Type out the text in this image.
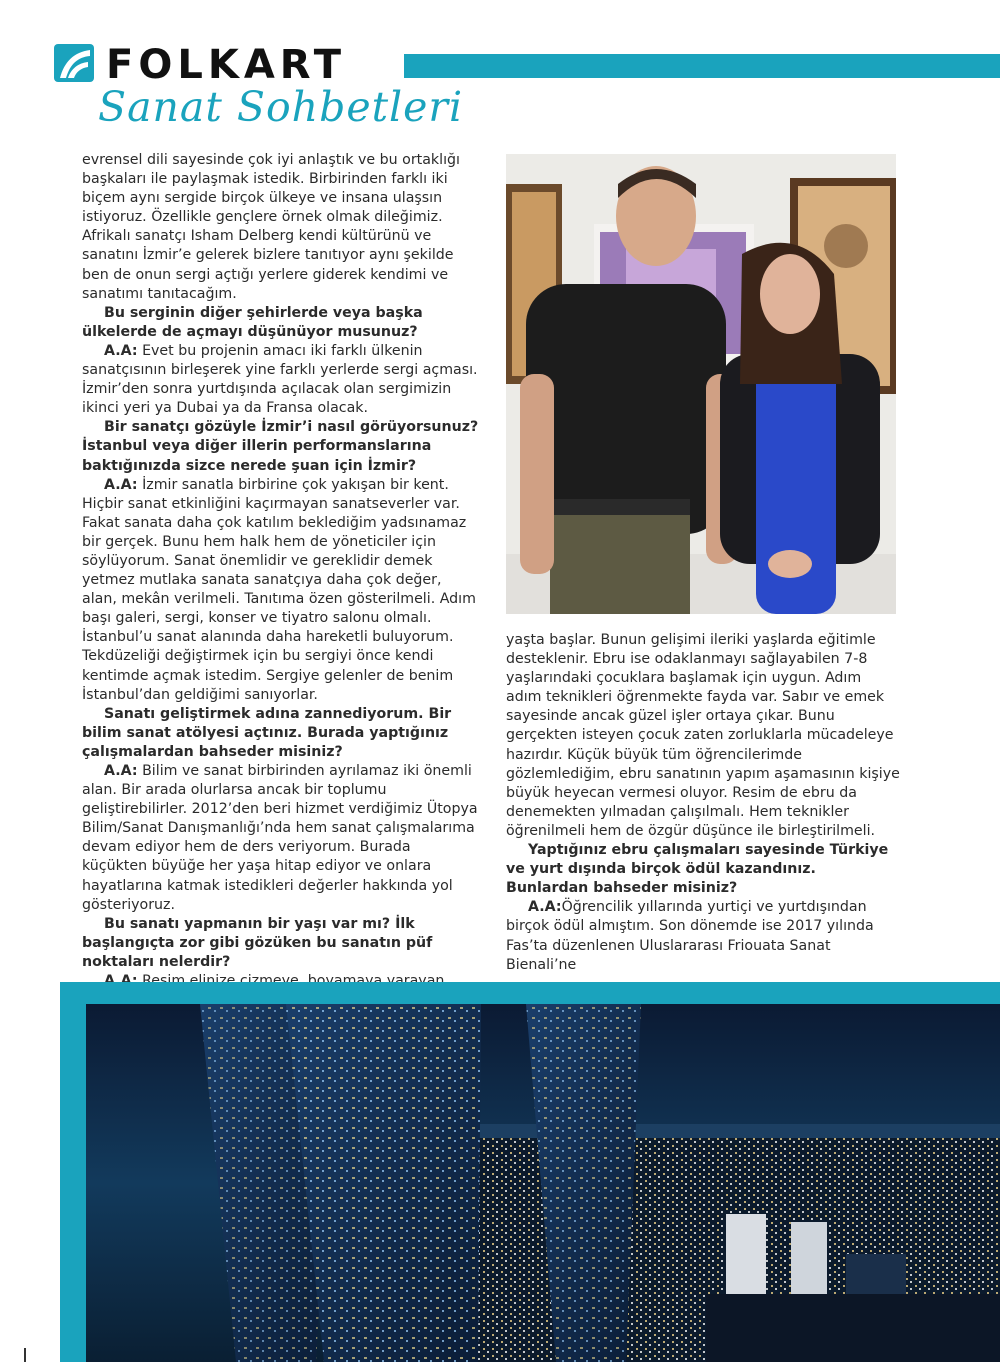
FOLKART
Sanat Sohbetleri

evrensel dili sayesinde çok iyi anlaştık ve bu ortaklığı başkaları ile paylaşmak istedik. Birbirinden farklı iki biçem aynı sergide birçok ülkeye ve insana ulaşsın istiyoruz. Özellikle gençlere örnek olmak dileğimiz. Afrikalı sanatçı Isham Delberg kendi kültürünü ve sanatını İzmir’e gelerek bizlere tanıtıyor aynı şekilde ben de onun sergi açtığı yerlere giderek kendimi ve sanatımı tanıtacağım.

Bu serginin diğer şehirlerde veya başka ülkelerde de açmayı düşünüyor musunuz?

A.A: Evet bu projenin amacı iki farklı ülkenin sanatçısının birleşerek yine farklı yerlerde sergi açması. İzmir’den sonra yurtdışında açılacak olan sergimizin ikinci yeri ya Dubai ya da Fransa olacak.

Bir sanatçı gözüyle İzmir’i nasıl görüyorsunuz? İstanbul veya diğer illerin performanslarına baktığınızda sizce nerede şuan için İzmir?

A.A: İzmir sanatla birbirine çok yakışan bir kent. Hiçbir sanat etkinliğini kaçırmayan sanatseverler var. Fakat sanata daha çok katılım beklediğim yadsınamaz bir gerçek. Bunu hem halk hem de yöneticiler için söylüyorum. Sanat önemlidir ve gereklidir demek yetmez mutlaka sanata sanatçıya daha çok değer, alan, mekân verilmeli. Tanıtıma özen gösterilmeli. Adım başı galeri, sergi, konser ve tiyatro salonu olmalı. İstanbul’u sanat alanında daha hareketli buluyorum. Tekdüzeliği değiştirmek için bu sergiyi önce kendi kentimde açmak istedim. Sergiye gelenler de benim İstanbul’dan geldiğimi sanıyorlar.

Sanatı geliştirmek adına zannediyorum. Bir bilim sanat atölyesi açtınız. Burada yaptığınız çalışmalardan bahseder misiniz?

A.A: Bilim ve sanat birbirinden ayrılamaz iki önemli alan. Bir arada olurlarsa ancak bir toplumu geliştirebilirler. 2012’den beri hizmet verdiğimiz Ütopya Bilim/Sanat Danışmanlığı’nda hem sanat çalışmalarıma devam ediyor hem de ders veriyorum. Burada küçükten büyüğe her yaşa hitap ediyor ve onlara hayatlarına katmak istedikleri değerler hakkında yol gösteriyoruz.

Bu sanatı yapmanın bir yaşı var mı? İlk başlangıçta zor gibi gözüken bu sanatın püf noktaları nelerdir?

yaşta başlar. Bunun gelişimi ileriki yaşlarda eğitimle desteklenir. Ebru ise odaklanmayı sağlayabilen 7-8 yaşlarındaki çocuklara başlamak için uygun. Adım adım teknikleri öğrenmekte fayda var. Sabır ve emek sayesinde ancak güzel işler ortaya çıkar. Bunu gerçekten isteyen çocuk zaten zorluklarla mücadeleye hazırdır. Küçük büyük tüm öğrencilerimde gözlemlediğim, ebru sanatının yapım aşamasının kişiye büyük heyecan vermesi oluyor. Resim de ebru da denemekten yılmadan çalışılmalı. Hem teknikler öğrenilmeli hem de özgür düşünce ile birleştirilmeli.

Yaptığınız ebru çalışmaları sayesinde Türkiye ve yurt dışında birçok ödül kazandınız. Bunlardan bahseder misiniz?

A.A:Öğrencilik yıllarında yurtiçi ve yurtdışından birçok ödül almıştım. Son dönemde ise 2017 yılında Fas’ta düzenlenen Uluslararası Friouata Sanat Bienali’ne
